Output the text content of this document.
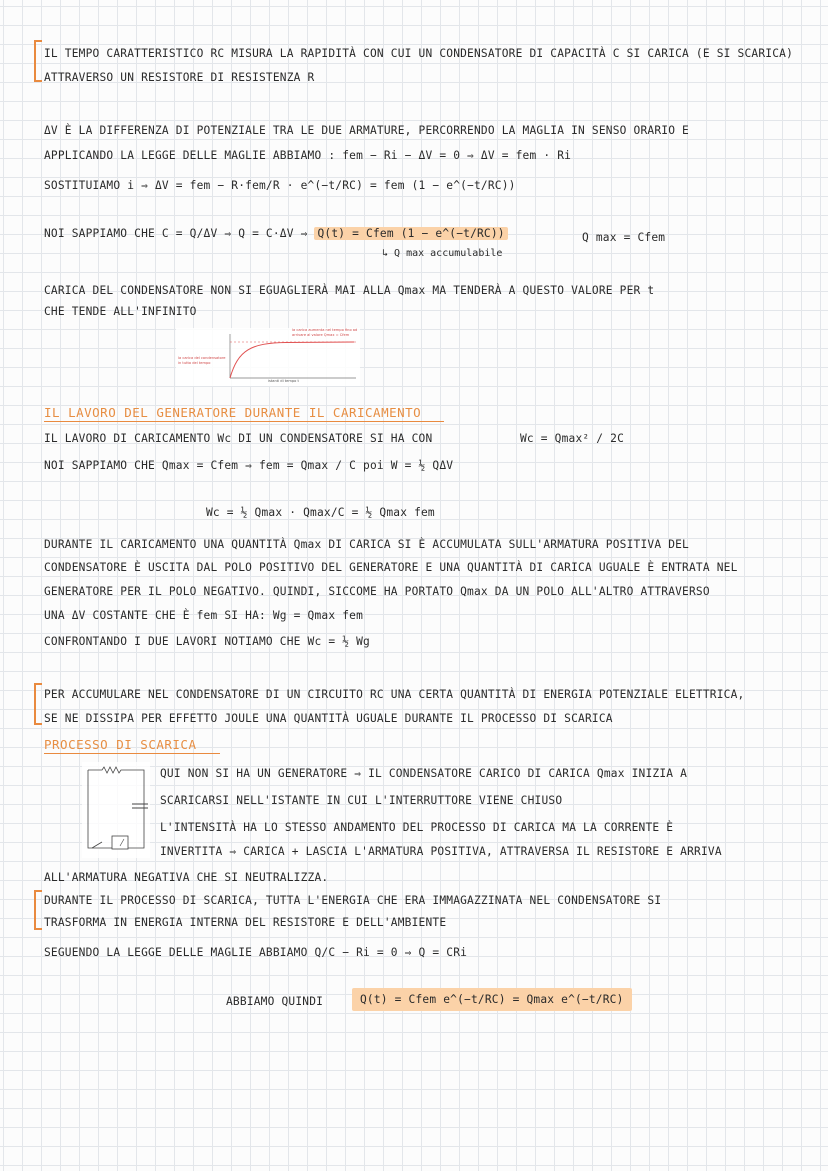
IL TEMPO CARATTERISTICO RC MISURA LA RAPIDITÀ CON CUI UN CONDENSATORE DI CAPACITÀ C SI CARICA (E SI SCARICA)
ATTRAVERSO UN RESISTORE DI RESISTENZA R
ΔV È LA DIFFERENZA DI POTENZIALE TRA LE DUE ARMATURE, PERCORRENDO LA MAGLIA IN SENSO ORARIO E
APPLICANDO LA LEGGE DELLE MAGLIE ABBIAMO : fem − Ri − ΔV = 0 ⇒ ΔV = fem · Ri
SOSTITUIAMO i ⇒ ΔV = fem − R·fem/R · e^(−t/RC) = fem (1 − e^(−t/RC))
NOI SAPPIAMO CHE C = Q/ΔV ⇒ Q = C·ΔV ⇒ Q(t) = Cfem (1 − e^(−t/RC))	Q max = Cfem
↳ Q max accumulabile
CARICA DEL CONDENSATORE NON SI EGUAGLIERÀ MAI ALLA Qmax MA TENDERÀ A QUESTO VALORE PER t
CHE TENDE ALL'INFINITO
la carica del condensatore in tutto del tempo
la carica aumenta nel tempo fino ad arrivare al valore Qmax = Cfem
istanti di tempo t
IL LAVORO DEL GENERATORE DURANTE IL CARICAMENTO
IL LAVORO DI CARICAMENTO Wc DI UN CONDENSATORE SI HA CON	Wc = Qmax² / 2C
NOI SAPPIAMO CHE Qmax = Cfem ⇒ fem = Qmax / C poi W = ½ QΔV
Wc = ½ Qmax · Qmax/C = ½ Qmax fem
DURANTE IL CARICAMENTO UNA QUANTITÀ Qmax DI CARICA SI È ACCUMULATA SULL'ARMATURA POSITIVA DEL
CONDENSATORE È USCITA DAL POLO POSITIVO DEL GENERATORE E UNA QUANTITÀ DI CARICA UGUALE È ENTRATA NEL
GENERATORE PER IL POLO NEGATIVO. QUINDI, SICCOME HA PORTATO Qmax DA UN POLO ALL'ALTRO ATTRAVERSO
UNA ΔV COSTANTE CHE È fem SI HA: Wg = Qmax fem
CONFRONTANDO I DUE LAVORI NOTIAMO CHE Wc = ½ Wg
PER ACCUMULARE NEL CONDENSATORE DI UN CIRCUITO RC UNA CERTA QUANTITÀ DI ENERGIA POTENZIALE ELETTRICA,
SE NE DISSIPA PER EFFETTO JOULE UNA QUANTITÀ UGUALE DURANTE IL PROCESSO DI SCARICA
PROCESSO DI SCARICA
QUI NON SI HA UN GENERATORE ⇒ IL CONDENSATORE CARICO DI CARICA Qmax INIZIA A
SCARICARSI NELL'ISTANTE IN CUI L'INTERRUTTORE VIENE CHIUSO
L'INTENSITÀ HA LO STESSO ANDAMENTO DEL PROCESSO DI CARICA MA LA CORRENTE È
INVERTITA ⇒ CARICA + LASCIA L'ARMATURA POSITIVA, ATTRAVERSA IL RESISTORE E ARRIVA
ALL'ARMATURA NEGATIVA CHE SI NEUTRALIZZA.
DURANTE IL PROCESSO DI SCARICA, TUTTA L'ENERGIA CHE ERA IMMAGAZZINATA NEL CONDENSATORE SI
TRASFORMA IN ENERGIA INTERNA DEL RESISTORE E DELL'AMBIENTE
SEGUENDO LA LEGGE DELLE MAGLIE ABBIAMO Q/C − Ri = 0 ⇒ Q = CRi
ABBIAMO QUINDI	Q(t) = Cfem e^(−t/RC) = Qmax e^(−t/RC)
